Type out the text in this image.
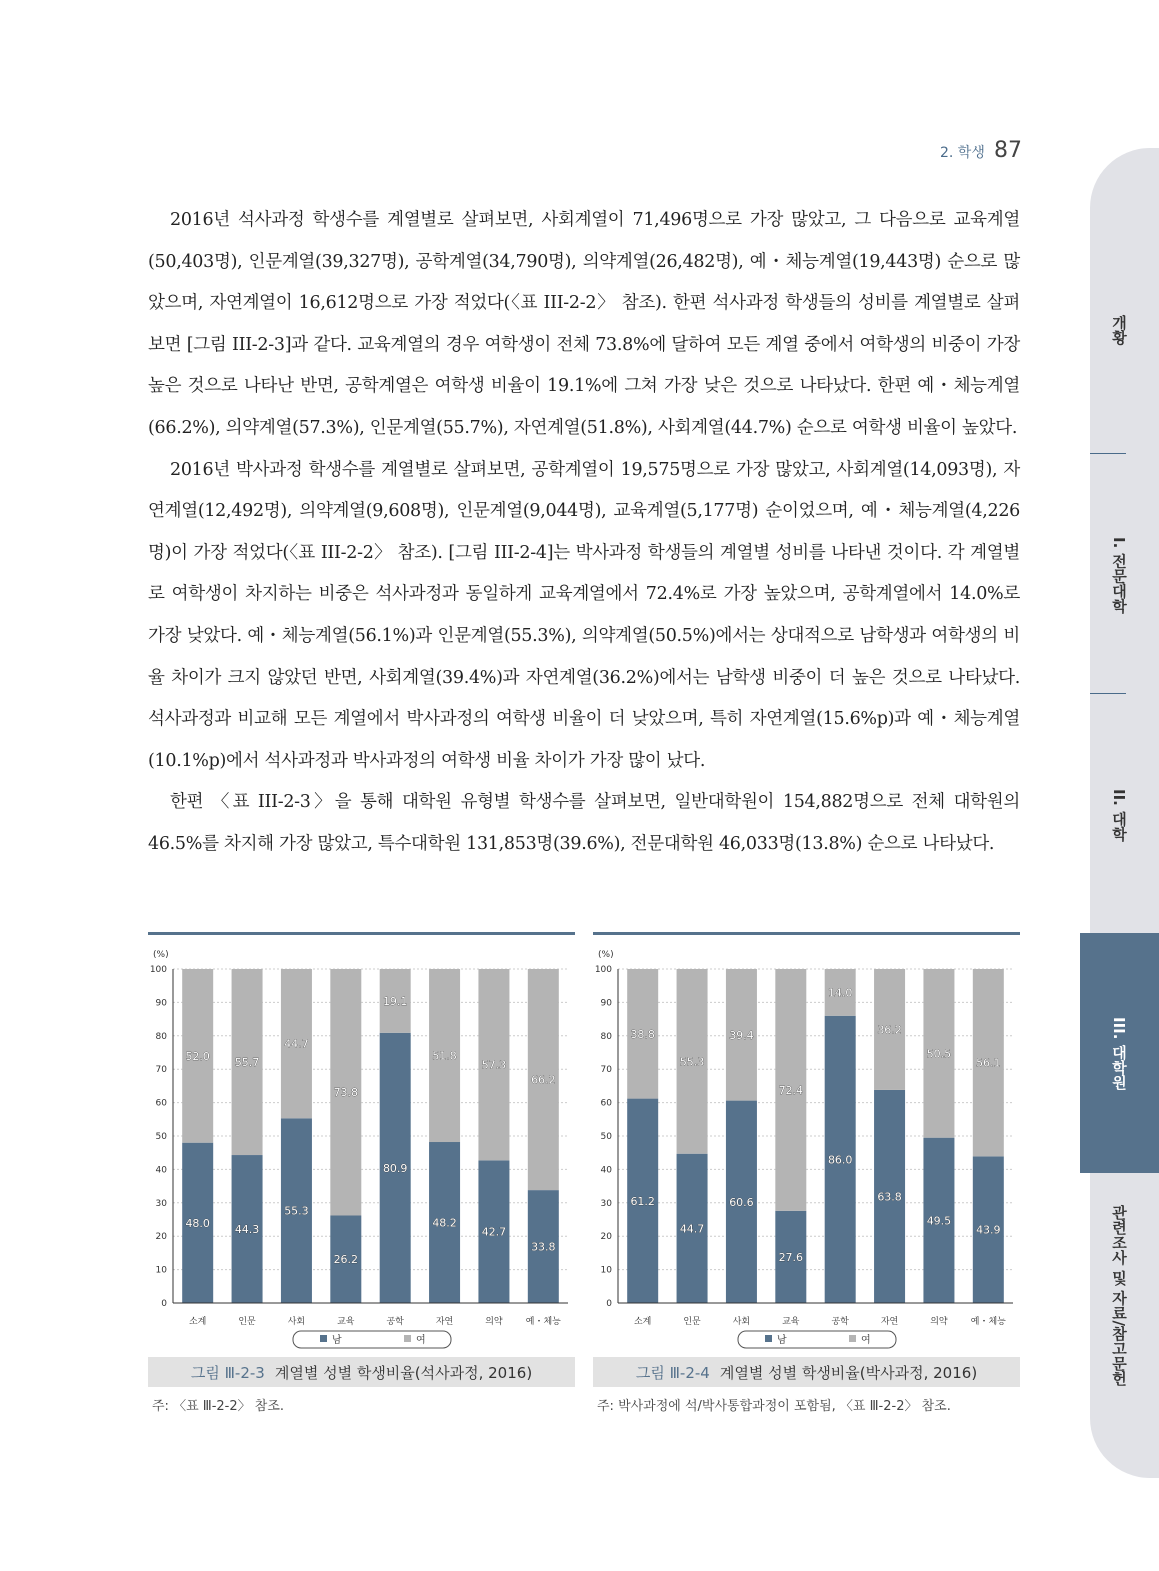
2. 학생 87

2016년 석사과정 학생수를 계열별로 살펴보면, 사회계열이 71,496명으로 가장 많았고, 그 다음으로 교육계열(50,403명), 인문계열(39,327명), 공학계열(34,790명), 의약계열(26,482명), 예・체능계열(19,443명) 순으로 많았으며, 자연계열이 16,612명으로 가장 적었다(〈표 III-2-2〉 참조). 한편 석사과정 학생들의 성비를 계열별로 살펴보면 [그림 III-2-3]과 같다. 교육계열의 경우 여학생이 전체 73.8%에 달하여 모든 계열 중에서 여학생의 비중이 가장 높은 것으로 나타난 반면, 공학계열은 여학생 비율이 19.1%에 그쳐 가장 낮은 것으로 나타났다. 한편 예・체능계열(66.2%), 의약계열(57.3%), 인문계열(55.7%), 자연계열(51.8%), 사회계열(44.7%) 순으로 여학생 비율이 높았다.

2016년 박사과정 학생수를 계열별로 살펴보면, 공학계열이 19,575명으로 가장 많았고, 사회계열(14,093명), 자연계열(12,492명), 의약계열(9,608명), 인문계열(9,044명), 교육계열(5,177명) 순이었으며, 예・체능계열(4,226명)이 가장 적었다(〈표 III-2-2〉 참조). [그림 III-2-4]는 박사과정 학생들의 계열별 성비를 나타낸 것이다. 각 계열별로 여학생이 차지하는 비중은 석사과정과 동일하게 교육계열에서 72.4%로 가장 높았으며, 공학계열에서 14.0%로 가장 낮았다. 예・체능계열(56.1%)과 인문계열(55.3%), 의약계열(50.5%)에서는 상대적으로 남학생과 여학생의 비율 차이가 크지 않았던 반면, 사회계열(39.4%)과 자연계열(36.2%)에서는 남학생 비중이 더 높은 것으로 나타났다. 석사과정과 비교해 모든 계열에서 박사과정의 여학생 비율이 더 낮았으며, 특히 자연계열(15.6%p)과 예・체능계열(10.1%p)에서 석사과정과 박사과정의 여학생 비율 차이가 가장 많이 났다.

한편 〈표 III-2-3〉을 통해 대학원 유형별 학생수를 살펴보면, 일반대학원이 154,882명으로 전체 대학원의 46.5%를 차지해 가장 많았고, 특수대학원 131,853명(39.6%), 전문대학원 46,033명(13.8%) 순으로 나타났다.

개황
I. 전문대학
II. 대학
III. 대학원
관련조사 및 자료/참고문헌
(%)
0
10
20
30
40
50
60
70
80
90
100
48.0
52.0
소계
44.3
55.7
인문
55.3
44.7
사회
26.2
73.8
교육
80.9
19.1
공학
48.2
51.8
자연
42.7
57.3
의약
33.8
66.2
예・체능
남	여
그림 Ⅲ-2-3 계열별 성별 학생비율(석사과정, 2016)
주: 〈표 Ⅲ-2-2〉 참조.
(%)
0
10
20
30
40
50
60
70
80
90
100
61.2
38.8
소계
44.7
55.3
인문
60.6
39.4
사회
27.6
72.4
교육
86.0
14.0
공학
63.8
36.2
자연
49.5
50.5
의약
43.9
56.1
예・체능
남	여
그림 Ⅲ-2-4 계열별 성별 학생비율(박사과정, 2016)
주: 박사과정에 석/박사통합과정이 포함됨, 〈표 Ⅲ-2-2〉 참조.
